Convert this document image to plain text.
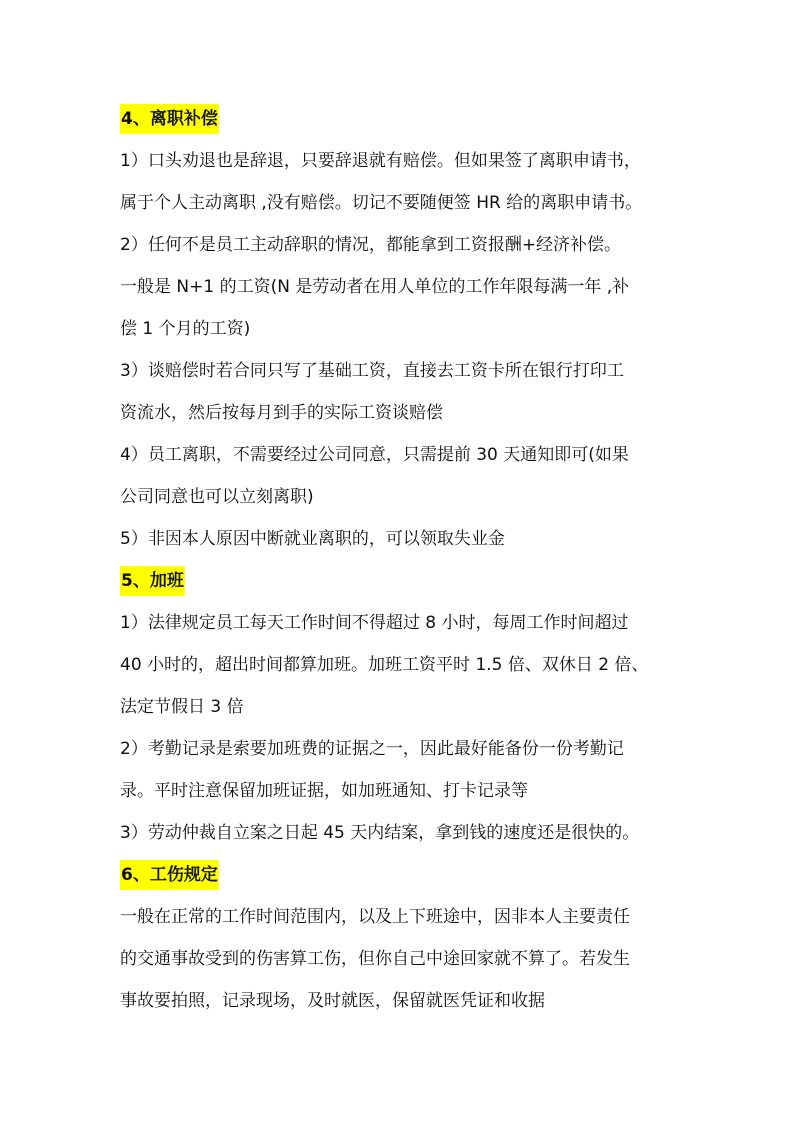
4、离职补偿
1）口头劝退也是辞退，只要辞退就有赔偿。但如果签了离职申请书，
属于个人主动离职 ,没有赔偿。切记不要随便签 HR 给的离职申请书。
2）任何不是员工主动辞职的情况，都能拿到工资报酬+经济补偿。
一般是 N+1 的工资(N 是劳动者在用人单位的工作年限每满一年 ,补
偿 1 个月的工资)
3）谈赔偿时若合同只写了基础工资，直接去工资卡所在银行打印工
资流水，然后按每月到手的实际工资谈赔偿
4）员工离职，不需要经过公司同意，只需提前 30 天通知即可(如果
公司同意也可以立刻离职)
5）非因本人原因中断就业离职的，可以领取失业金
5、加班
1）法律规定员工每天工作时间不得超过 8 小时，每周工作时间超过
40 小时的，超出时间都算加班。加班工资平时 1.5 倍、双休日 2 倍、
法定节假日 3 倍
2）考勤记录是索要加班费的证据之一，因此最好能备份一份考勤记
录。平时注意保留加班证据，如加班通知、打卡记录等
3）劳动仲裁自立案之日起 45 天内结案，拿到钱的速度还是很快的。
6、工伤规定
一般在正常的工作时间范围内，以及上下班途中，因非本人主要责任
的交通事故受到的伤害算工伤，但你自己中途回家就不算了。若发生
事故要拍照，记录现场，及时就医，保留就医凭证和收据
